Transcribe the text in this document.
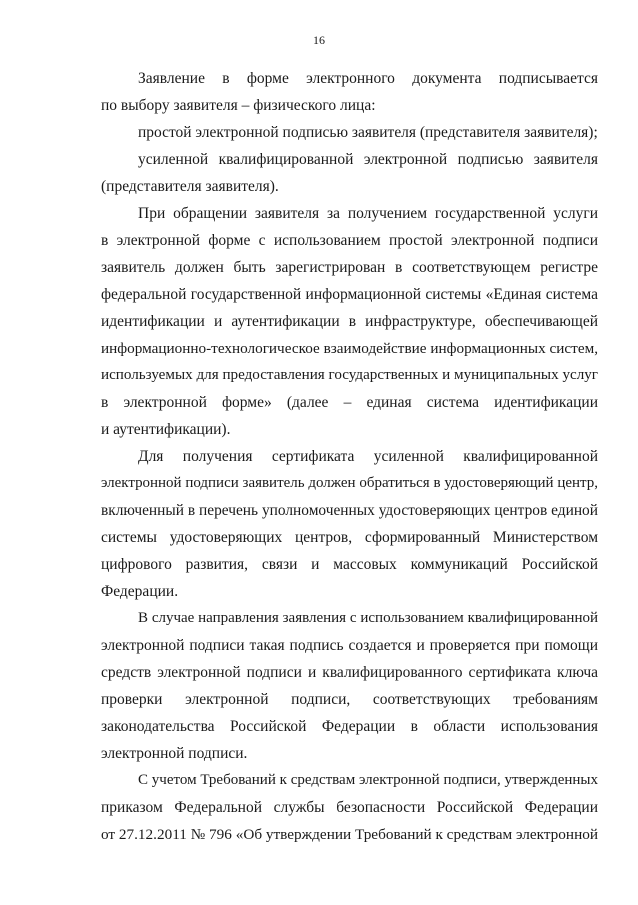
16
Заявление в форме электронного документа подписывается
по выбору заявителя – физического лица:
простой электронной подписью заявителя (представителя заявителя);
усиленной квалифицированной электронной подписью заявителя
(представителя заявителя).
При обращении заявителя за получением государственной услуги
в электронной форме с использованием простой электронной подписи
заявитель должен быть зарегистрирован в соответствующем регистре
федеральной государственной информационной системы «Единая система
идентификации и аутентификации в инфраструктуре, обеспечивающей
информационно-технологическое взаимодействие информационных систем,
используемых для предоставления государственных и муниципальных услуг
в электронной форме» (далее – единая система идентификации
и аутентификации).
Для получения сертификата усиленной квалифицированной
электронной подписи заявитель должен обратиться в удостоверяющий центр,
включенный в перечень уполномоченных удостоверяющих центров единой
системы удостоверяющих центров, сформированный Министерством
цифрового развития, связи и массовых коммуникаций Российской
Федерации.
В случае направления заявления с использованием квалифицированной
электронной подписи такая подпись создается и проверяется при помощи
средств электронной подписи и квалифицированного сертификата ключа
проверки электронной подписи, соответствующих требованиям
законодательства Российской Федерации в области использования
электронной подписи.
С учетом Требований к средствам электронной подписи, утвержденных
приказом Федеральной службы безопасности Российской Федерации
от 27.12.2011 № 796 «Об утверждении Требований к средствам электронной
